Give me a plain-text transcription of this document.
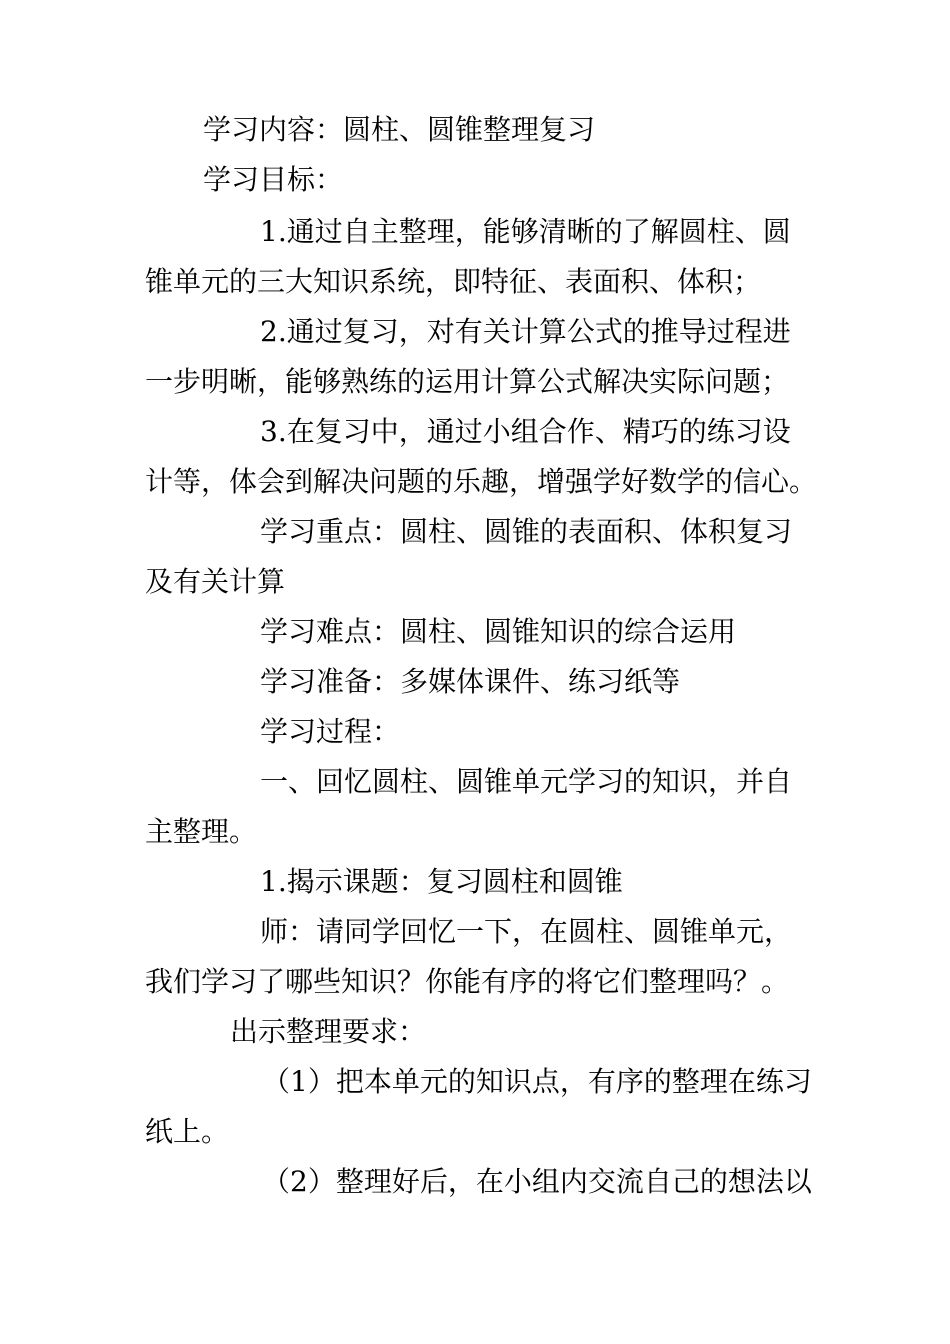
学习内容：圆柱、圆锥整理复习
学习目标：
1.通过自主整理，能够清晰的了解圆柱、圆
锥单元的三大知识系统，即特征、表面积、体积；
2.通过复习，对有关计算公式的推导过程进
一步明晰，能够熟练的运用计算公式解决实际问题；
3.在复习中，通过小组合作、精巧的练习设
计等，体会到解决问题的乐趣，增强学好数学的信心。
学习重点：圆柱、圆锥的表面积、体积复习
及有关计算
学习难点：圆柱、圆锥知识的综合运用
学习准备：多媒体课件、练习纸等
学习过程：
一、回忆圆柱、圆锥单元学习的知识，并自
主整理。
1.揭示课题：复习圆柱和圆锥
师：请同学回忆一下，在圆柱、圆锥单元，
我们学习了哪些知识？你能有序的将它们整理吗？。
出示整理要求：
（1）把本单元的知识点，有序的整理在练习
纸上。
（2）整理好后，在小组内交流自己的想法以
